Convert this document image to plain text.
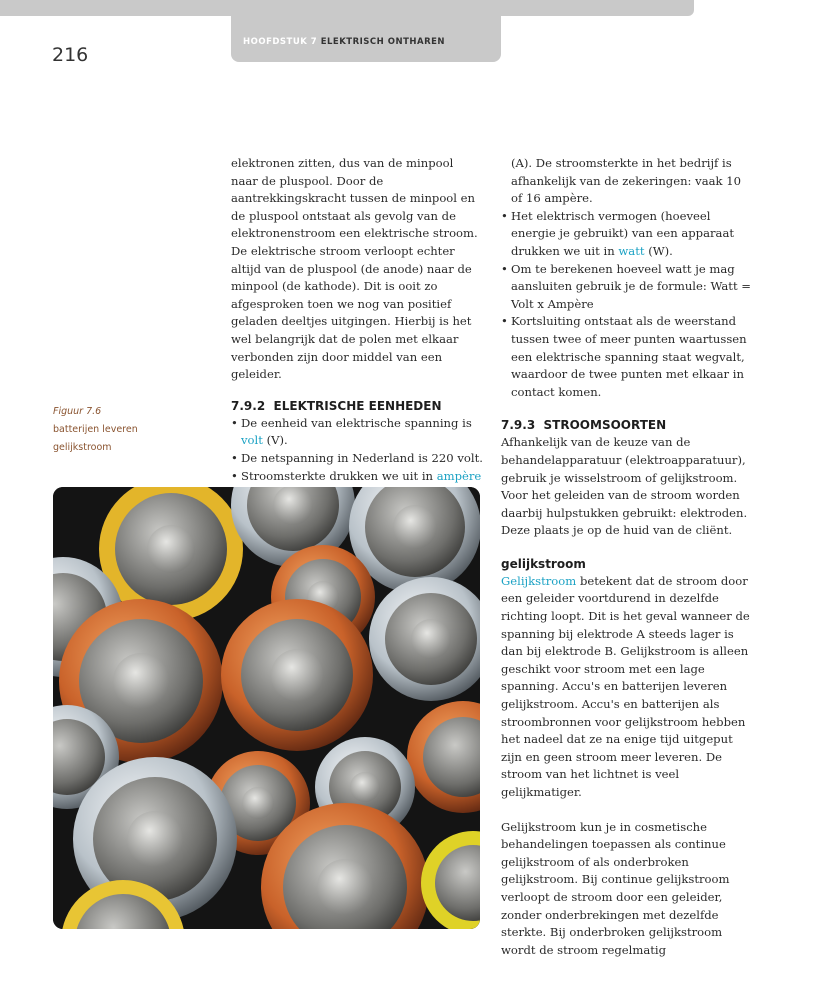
HOOFDSTUK 7 ELEKTRISCH ONTHAREN
216
Figuur 7.6
batterijen leveren
gelijkstroom

elektronen zitten, dus van de minpool naar de pluspool. Door de aantrekkingskracht tussen de minpool en de pluspool ontstaat als gevolg van de elektronenstroom een elektrische stroom. De elektrische stroom verloopt echter altijd van de pluspool (de anode) naar de minpool (de kathode). Dit is ooit zo afgesproken toen we nog van positief geladen deeltjes uitgingen. Hierbij is het wel belangrijk dat de polen met elkaar verbonden zijn door middel van een geleider.

7.9.2 ELEKTRISCHE EENHEDEN
• De eenheid van elektrische spanning is volt (V).
• De netspanning in Nederland is 220 volt.
• Stroomsterkte drukken we uit in ampère

(A). De stroomsterkte in het bedrijf is afhankelijk van de zekeringen: vaak 10 of 16 ampère.

• Het elektrisch vermogen (hoeveel energie je gebruikt) van een apparaat drukken we uit in watt (W).
• Om te berekenen hoeveel watt je mag aansluiten gebruik je de formule: Watt = Volt x Ampère
• Kortsluiting ontstaat als de weerstand tussen twee of meer punten waartussen een elektrische spanning staat wegvalt, waardoor de twee punten met elkaar in contact komen.
7.9.3 STROOMSOORTEN

Afhankelijk van de keuze van de behandelapparatuur (elektroapparatuur), gebruik je wisselstroom of gelijkstroom. Voor het geleiden van de stroom worden daarbij hulpstukken gebruikt: elektroden. Deze plaats je op de huid van de cliënt.

gelijkstroom

Gelijkstroom betekent dat de stroom door een geleider voortdurend in dezelfde richting loopt. Dit is het geval wanneer de spanning bij elektrode A steeds lager is dan bij elektrode B. Gelijkstroom is alleen geschikt voor stroom met een lage spanning. Accu's en batterijen leveren gelijkstroom. Accu's en batterijen als stroombronnen voor gelijkstroom hebben het nadeel dat ze na enige tijd uitgeput zijn en geen stroom meer leveren. De stroom van het lichtnet is veel gelijkmatiger.

Gelijkstroom kun je in cosmetische behandelingen toepassen als continue gelijkstroom of als onderbroken gelijkstroom. Bij continue gelijkstroom verloopt de stroom door een geleider, zonder onderbrekingen met dezelfde sterkte. Bij onderbroken gelijkstroom wordt de stroom regelmatig
